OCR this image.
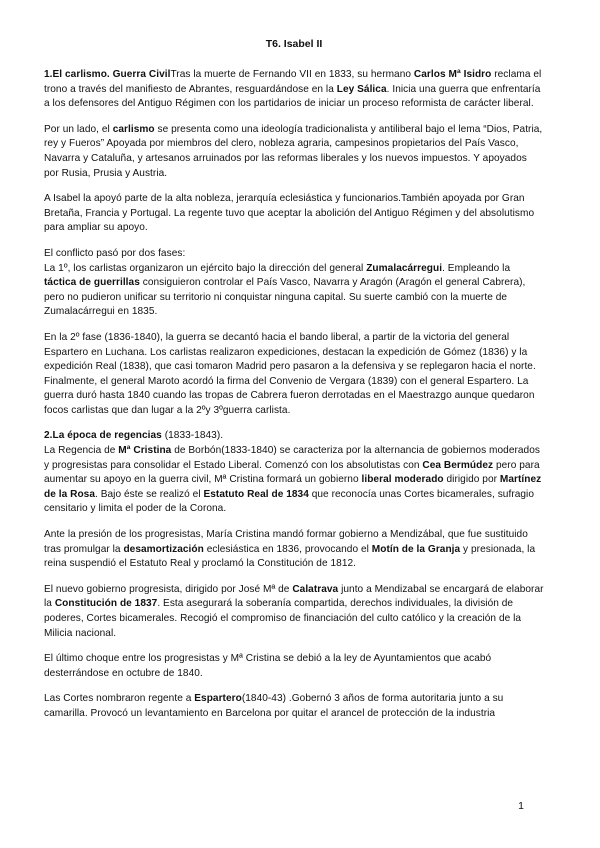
T6. Isabel II

1.El carlismo. Guerra CivilTras la muerte de Fernando VII en 1833, su hermano Carlos Mª Isidro reclama el trono a través del manifiesto de Abrantes, resguardándose en la Ley Sálica. Inicia una guerra que enfrentaría a los defensores del Antiguo Régimen con los partidarios de iniciar un proceso reformista de carácter liberal.

Por un lado, el carlismo se presenta como una ideología tradicionalista y antiliberal bajo el lema “Dios, Patria, rey y Fueros” Apoyada por miembros del clero, nobleza agraria, campesinos propietarios del País Vasco, Navarra y Cataluña, y artesanos arruinados por las reformas liberales y los nuevos impuestos. Y apoyados por Rusia, Prusia y Austria.

A Isabel la apoyó parte de la alta nobleza, jerarquía eclesiástica y funcionarios.También apoyada por Gran Bretaña, Francia y Portugal. La regente tuvo que aceptar la abolición del Antiguo Régimen y del absolutismo para ampliar su apoyo.

El conflicto pasó por dos fases:
La 1º, los carlistas organizaron un ejército bajo la dirección del general Zumalacárregui. Empleando la táctica de guerrillas consiguieron controlar el País Vasco, Navarra y Aragón (Aragón el general Cabrera), pero no pudieron unificar su territorio ni conquistar ninguna capital. Su suerte cambió con la muerte de Zumalacárregui en 1835.

En la 2º fase (1836-1840), la guerra se decantó hacia el bando liberal, a partir de la victoria del general Espartero en Luchana. Los carlistas realizaron expediciones, destacan la expedición de Gómez (1836) y la expedición Real (1838), que casi tomaron Madrid pero pasaron a la defensiva y se replegaron hacia el norte. Finalmente, el general Maroto acordó la firma del Convenio de Vergara (1839) con el general Espartero. La guerra duró hasta 1840 cuando las tropas de Cabrera fueron derrotadas en el Maestrazgo aunque quedaron focos carlistas que dan lugar a la 2ºy 3ºguerra carlista.

2.La época de regencias (1833-1843).
La Regencia de Mª Cristina de Borbón(1833-1840) se caracteriza por la alternancia de gobiernos moderados y progresistas para consolidar el Estado Liberal. Comenzó con los absolutistas con Cea Bermúdez pero para aumentar su apoyo en la guerra civil, Mª Cristina formará un gobierno liberal moderado dirigido por Martínez de la Rosa. Bajo éste se realizó el Estatuto Real de 1834 que reconocía unas Cortes bicamerales, sufragio censitario y limita el poder de la Corona.

Ante la presión de los progresistas, María Cristina mandó formar gobierno a Mendizábal, que fue sustituido tras promulgar la desamortización eclesiástica en 1836, provocando el Motín de la Granja y presionada, la reina suspendió el Estatuto Real y proclamó la Constitución de 1812.

El nuevo gobierno progresista, dirigido por José Mª de Calatrava junto a Mendizabal se encargará de elaborar la Constitución de 1837. Esta asegurará la soberanía compartida, derechos individuales, la división de poderes, Cortes bicamerales. Recogió el compromiso de financiación del culto católico y la creación de la Milicia nacional.

El último choque entre los progresistas y Mª Cristina se debió a la ley de Ayuntamientos que acabó desterrándose en octubre de 1840.

Las Cortes nombraron regente a Espartero(1840-43) .Gobernó 3 años de forma autoritaria junto a su camarilla. Provocó un levantamiento en Barcelona por quitar el arancel de protección de la industria

1
